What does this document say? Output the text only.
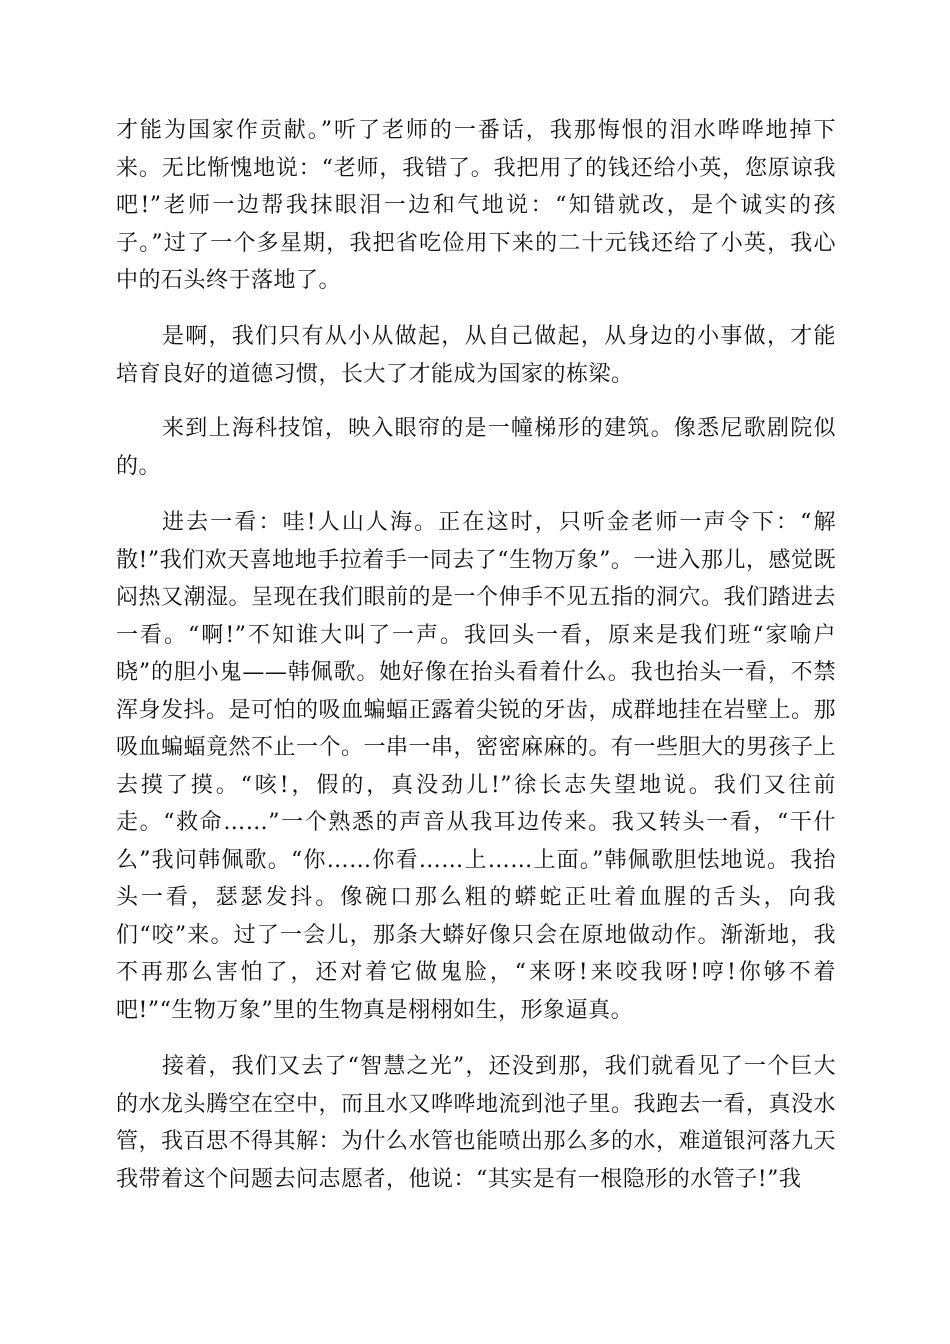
才能为国家作贡献。”听了老师的一番话，我那悔恨的泪水哗哗地掉下来。无比惭愧地说：“老师，我错了。我把用了的钱还给小英，您原谅我吧!”老师一边帮我抹眼泪一边和气地说：“知错就改，是个诚实的孩子。”过了一个多星期，我把省吃俭用下来的二十元钱还给了小英，我心中的石头终于落地了。

是啊，我们只有从小从做起，从自己做起，从身边的小事做，才能培育良好的道德习惯，长大了才能成为国家的栋梁。

来到上海科技馆，映入眼帘的是一幢梯形的建筑。像悉尼歌剧院似的。

进去一看：哇!人山人海。正在这时，只听金老师一声令下：“解散!”我们欢天喜地地手拉着手一同去了“生物万象”。一进入那儿，感觉既闷热又潮湿。呈现在我们眼前的是一个伸手不见五指的洞穴。我们踏进去一看。“啊!”不知谁大叫了一声。我回头一看，原来是我们班“家喻户晓”的胆小鬼——韩佩歌。她好像在抬头看着什么。我也抬头一看，不禁浑身发抖。是可怕的吸血蝙蝠正露着尖锐的牙齿，成群地挂在岩壁上。那吸血蝙蝠竟然不止一个。一串一串，密密麻麻的。有一些胆大的男孩子上去摸了摸。“咳!，假的，真没劲儿!”徐长志失望地说。我们又往前走。“救命……”一个熟悉的声音从我耳边传来。我又转头一看，“干什么”我问韩佩歌。“你……你看……上……上面。”韩佩歌胆怯地说。我抬头一看，瑟瑟发抖。像碗口那么粗的蟒蛇正吐着血腥的舌头，向我们“咬”来。过了一会儿，那条大蟒好像只会在原地做动作。渐渐地，我不再那么害怕了，还对着它做鬼脸，“来呀!来咬我呀!哼!你够不着吧!”“生物万象”里的生物真是栩栩如生，形象逼真。

接着，我们又去了“智慧之光”，还没到那，我们就看见了一个巨大的水龙头腾空在空中，而且水又哗哗地流到池子里。我跑去一看，真没水管，我百思不得其解：为什么水管也能喷出那么多的水，难道银河落九天我带着这个问题去问志愿者，他说：“其实是有一根隐形的水管子!”我
